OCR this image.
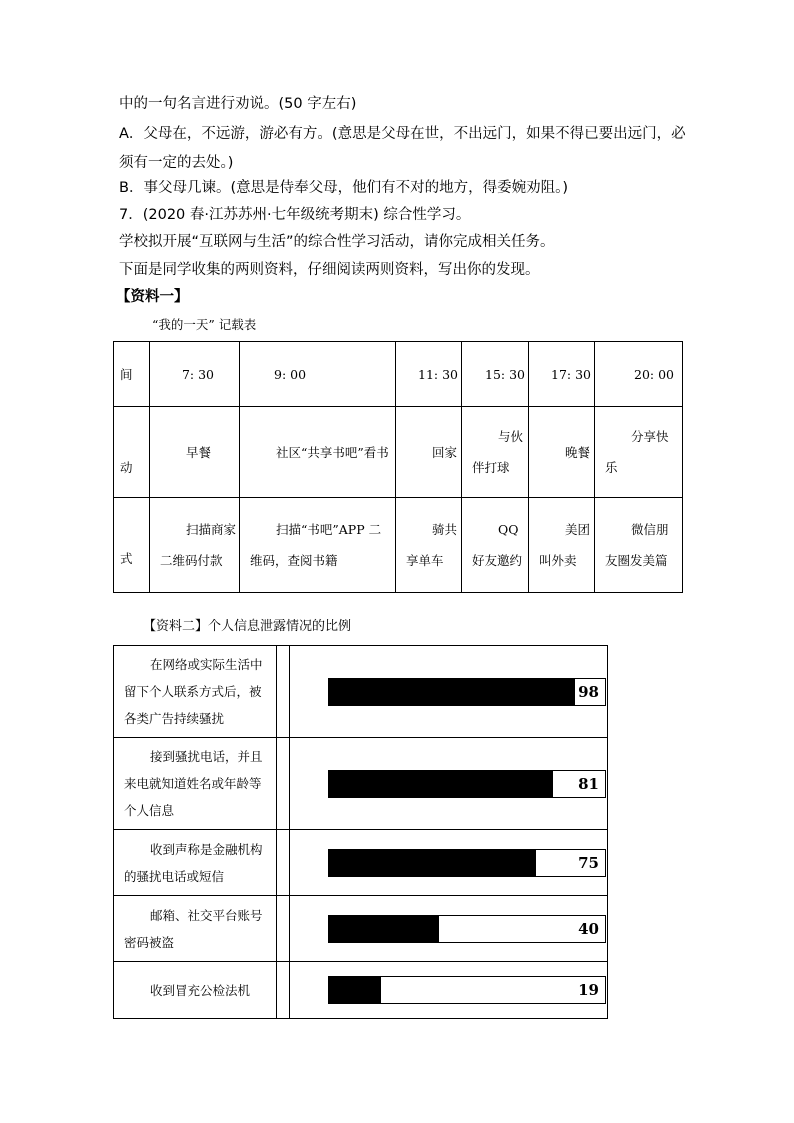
中的一句名言进行劝说。(50 字左右)
A．父母在，不远游，游必有方。(意思是父母在世，不出远门，如果不得已要出远门，必
须有一定的去处。)
B．事父母几谏。(意思是侍奉父母，他们有不对的地方，得委婉劝阻。)
7．(2020 春·江苏苏州·七年级统考期末) 综合性学习。
学校拟开展“互联网与生活”的综合性学习活动，请你完成相关任务。
下面是同学收集的两则资料，仔细阅读两则资料，写出你的发现。
【资料一】
“我的一天” 记载表
间	7: 30	9: 00	11: 30	15: 30	17: 30	20: 00
动	早餐	社区“共享书吧”看书	回家	与伙伴打球	晚餐	分享快乐
式	扫描商家二维码付款	扫描“书吧”APP 二维码，查阅书籍	骑共享单车	QQ 好友邀约	美团叫外卖	微信朋友圈发美篇
【资料二】个人信息泄露情况的比例
在网络或实际生活中留下个人联系方式后，被各类广告持续骚扰		98

接到骚扰电话，并且来电就知道姓名或年龄等个人信息		81

收到声称是金融机构的骚扰电话或短信		75

邮箱、社交平台账号密码被盗		40

收到冒充公检法机		19
